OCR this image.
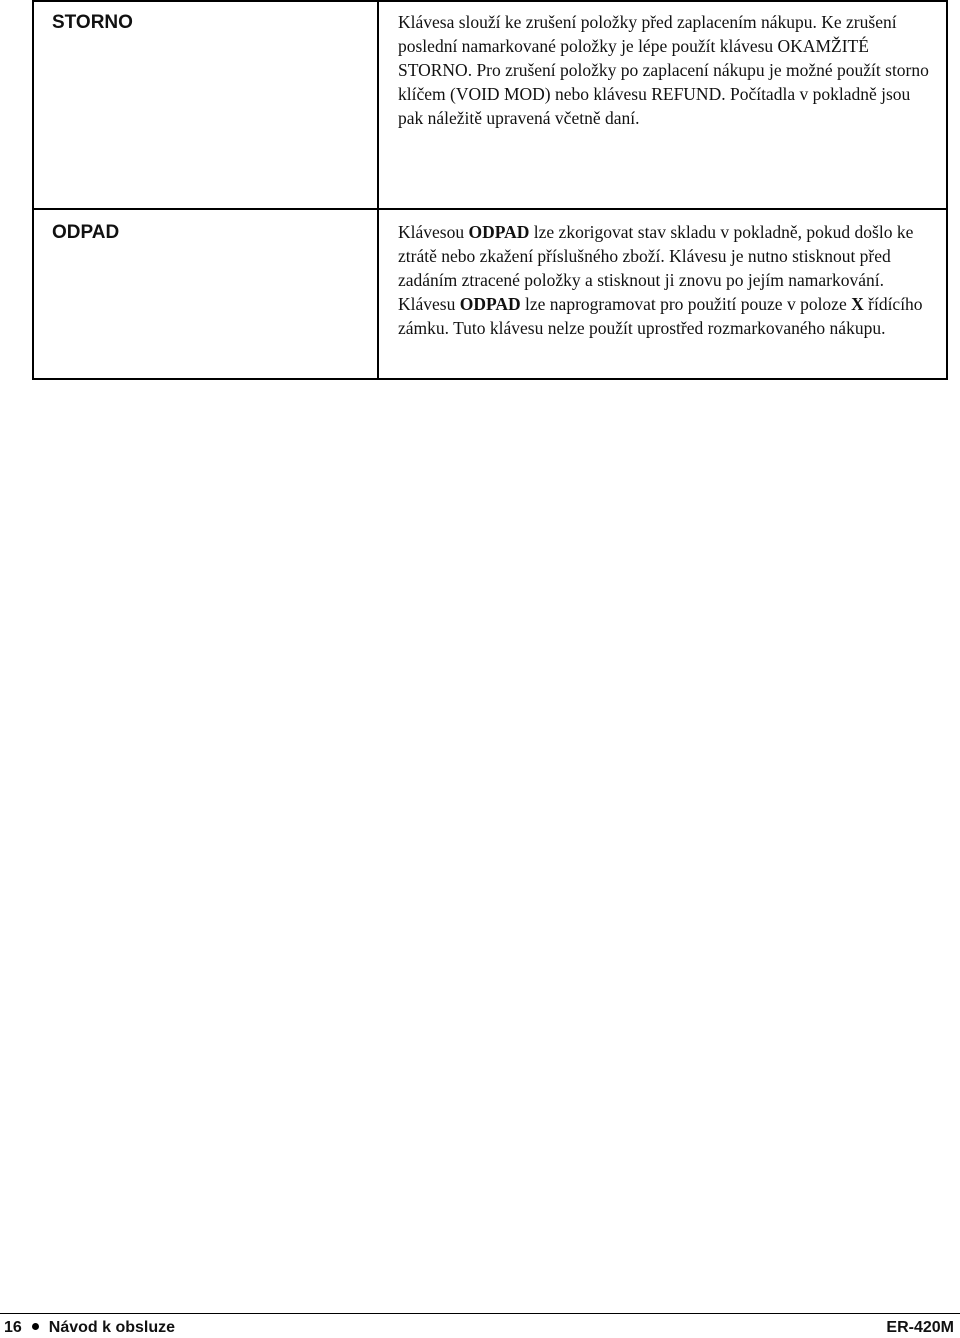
STORNO	Klávesa slouží ke zrušení položky před zaplacením nákupu. Ke zrušení poslední namarkované položky je lépe použít klávesu OKAMŽITÉ STORNO. Pro zrušení položky po zaplacení nákupu je možné použít storno klíčem (VOID MOD) nebo klávesu REFUND. Počítadla v pokladně jsou pak náležitě upravená včetně daní.

ODPAD	Klávesou ODPAD lze zkorigovat stav skladu v pokladně, pokud došlo ke ztrátě nebo zkažení příslušného zboží. Klávesu je nutno stisknout před zadáním ztracené položky a stisknout ji znovu po jejím namarkování. Klávesu ODPAD lze naprogramovat pro použití pouze v poloze X řídícího zámku. Tuto klávesu nelze použít uprostřed rozmarkovaného nákupu.

16 Návod k obsluze	ER-420M
